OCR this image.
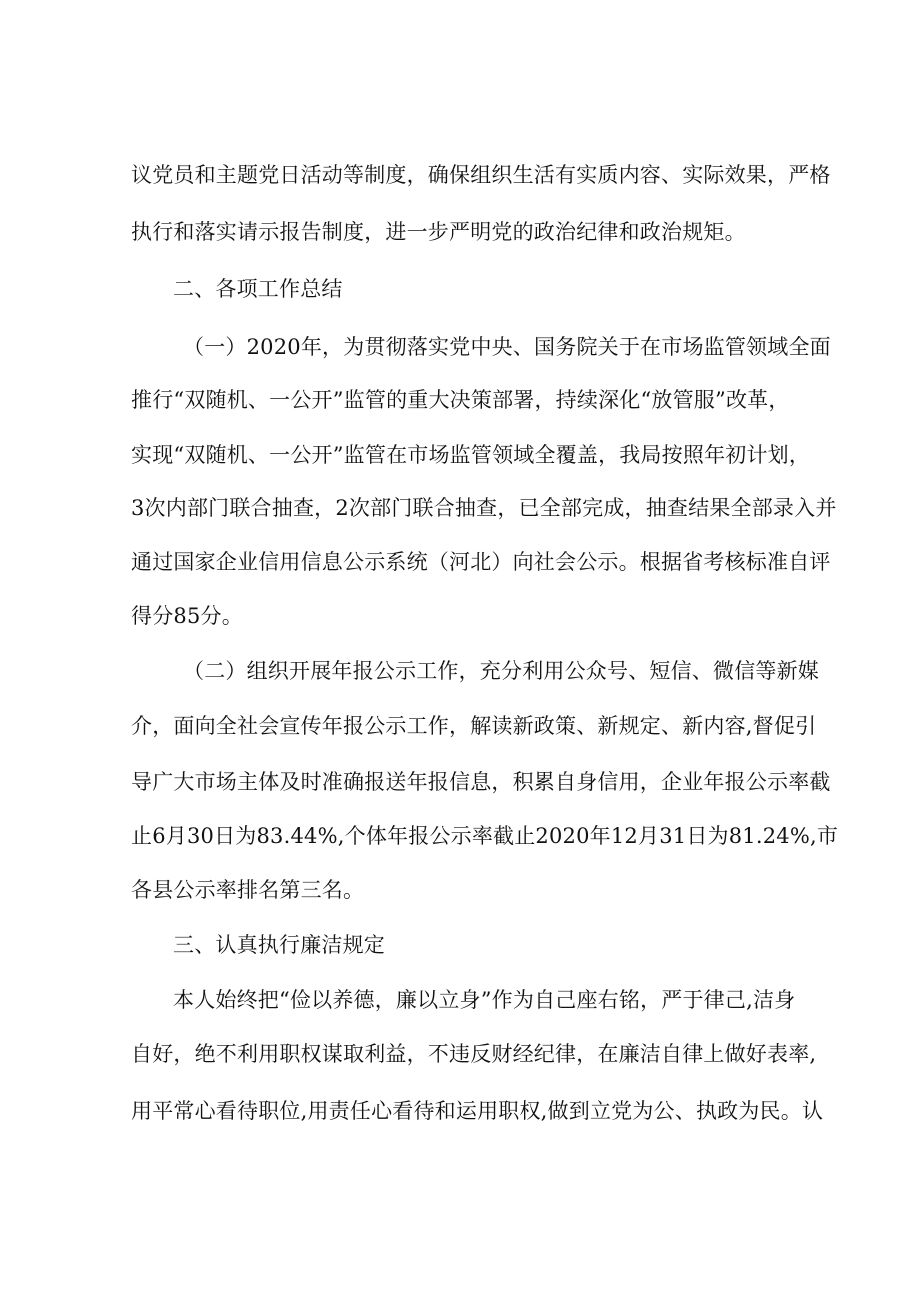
议党员和主题党日活动等制度，确保组织生活有实质内容、实际效果，严格
执行和落实请示报告制度，进一步严明党的政治纪律和政治规矩。
二、各项工作总结
（一）2020年，为贯彻落实党中央、国务院关于在市场监管领域全面
推行“双随机、一公开”监管的重大决策部署，持续深化“放管服”改革，
实现“双随机、一公开”监管在市场监管领域全覆盖，我局按照年初计划，
3次内部门联合抽查，2次部门联合抽查，已全部完成，抽查结果全部录入并
通过国家企业信用信息公示系统（河北）向社会公示。根据省考核标准自评
得分85分。
（二）组织开展年报公示工作，充分利用公众号、短信、微信等新媒
介，面向全社会宣传年报公示工作，解读新政策、新规定、新内容,督促引
导广大市场主体及时准确报送年报信息，积累自身信用，企业年报公示率截
止6月30日为83.44%,个体年报公示率截止2020年12月31日为81.24%,市
各县公示率排名第三名。
三、认真执行廉洁规定
本人始终把“俭以养德，廉以立身”作为自己座右铭，严于律己,洁身
自好，绝不利用职权谋取利益，不违反财经纪律，在廉洁自律上做好表率,
用平常心看待职位,用责任心看待和运用职权,做到立党为公、执政为民。认
